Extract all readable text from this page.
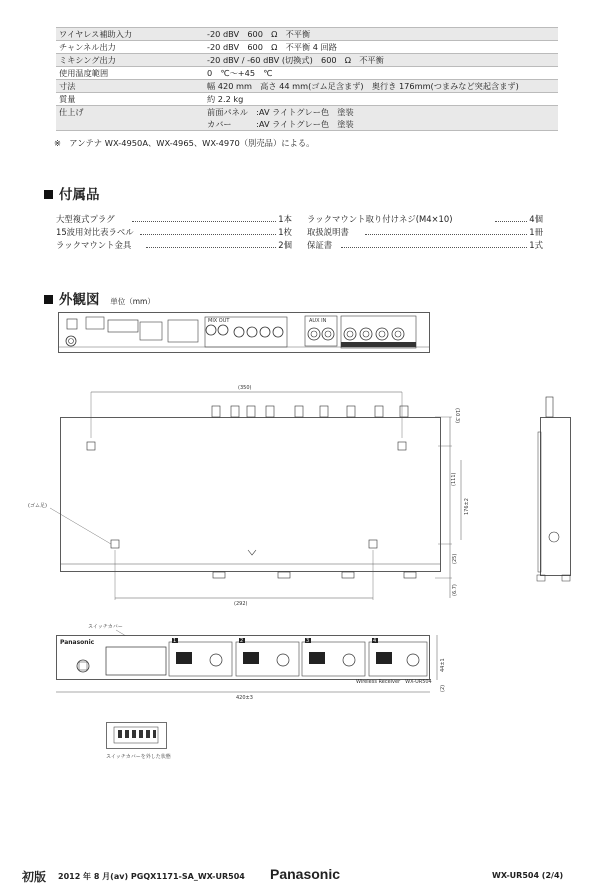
ワイヤレス補助入力	-20 dBV　600　Ω　不平衡
チャンネル出力	-20 dBV　600　Ω　不平衡 4 回路
ミキシング出力	-20 dBV / -60 dBV (切換式)　600　Ω　不平衡
使用温度範囲	0　℃〜+45　℃
寸法	幅 420 mm　高さ 44 mm(ゴム足含まず)　奥行き 176mm(つまみなど突起含まず)
質量	約 2.2 kg
仕上げ	前面パネル　:AV ライトグレー色　塗装
カバー　　　:AV ライトグレー色　塗装
※　アンテナ WX-4950A、WX-4965、WX-4970（別売品）による。
付属品
大型複式プラグ	1本
15波用対比表ラベル	1枚
ラックマウント金具	2個
ラックマウント取り付けネジ(M4×10)	4個
取扱説明書	1冊
保証書	1式
外観図 単位（mm）
AUX IN
MIX OUT
(350)
(292)
(10.3)
(111)
(25)
(6.7)
(ゴム足)	176±2
スイッチカバー
Panasonic	1	2	3	4
Wireless Receiver　WX-UR504
44±1
(2)
420±3
スイッチカバーを外した状態
初版 2012 年 8 月(av) PGQX1171-SA_WX-UR504 Panasonic	WX-UR504 (2/4)
